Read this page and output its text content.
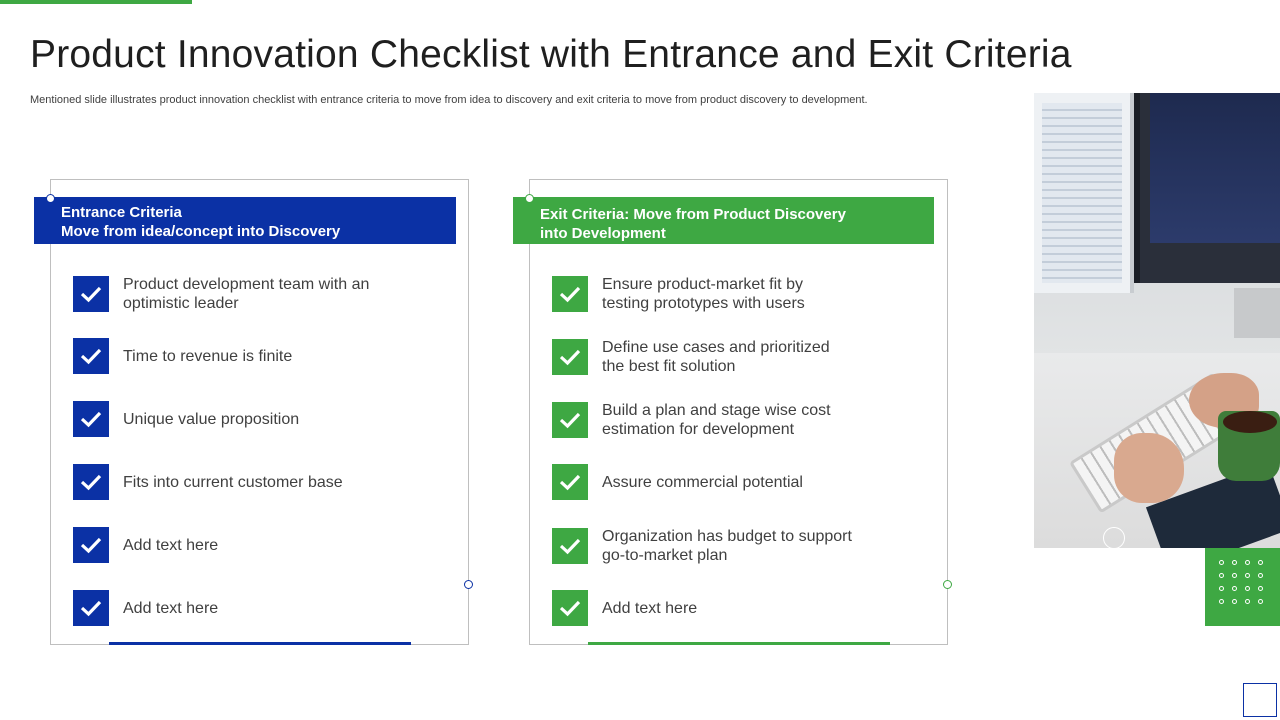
Product Innovation Checklist with Entrance and Exit Criteria

Mentioned slide illustrates product innovation checklist with entrance criteria to move from idea to discovery and exit criteria to move from product discovery to development.

Entrance Criteria
Move from idea/concept into Discovery
Product development team with an optimistic leader
Time to revenue is finite
Unique value proposition
Fits into current customer base
Add text here
Add text here
Exit Criteria: Move from Product Discovery
into Development
Ensure product-market fit by testing prototypes with users
Define use cases and prioritized the best fit solution
Build a plan and stage wise cost estimation for development
Assure commercial potential
Organization has budget to support go-to-market plan
Add text here
